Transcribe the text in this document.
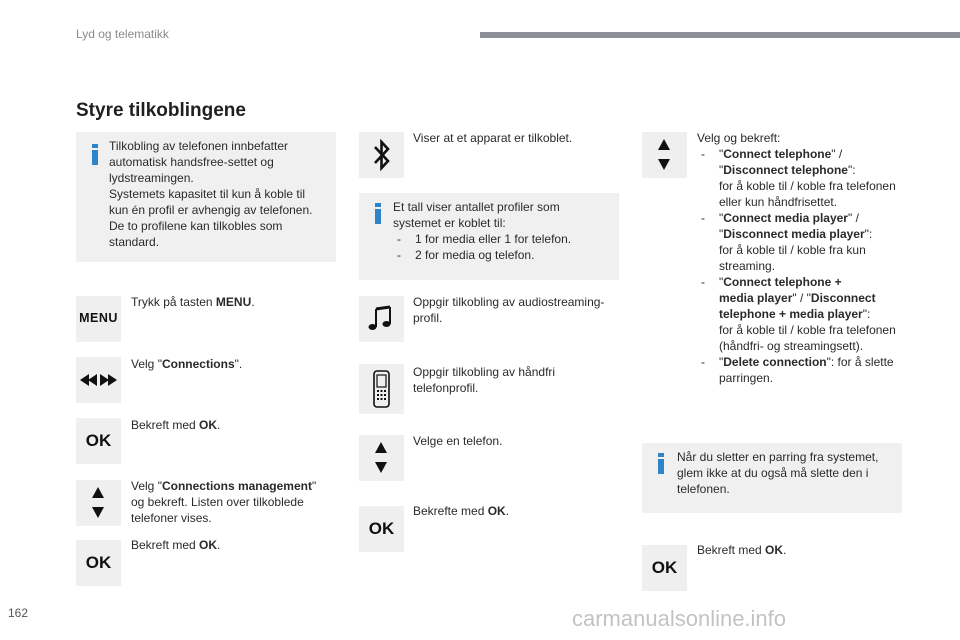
Lyd og telematikk
Styre tilkoblingene
Tilkobling av telefonen innbefatter
automatisk handsfree-settet og
lydstreamingen.
Systemets kapasitet til kun å koble til
kun én profil er avhengig av telefonen.
De to profilene kan tilkobles som
standard.
MENU
Trykk på tasten MENU.
Velg "Connections".
OK
Bekreft med OK.
Velg "Connections management"
og bekreft. Listen over tilkoblede
telefoner vises.
OK
Bekreft med OK.
Viser at et apparat er tilkoblet.
Et tall viser antallet profiler som
systemet er koblet til:
- 1 for media eller 1 for telefon.
- 2 for media og telefon.
Oppgir tilkobling av audiostreaming-
profil.
Oppgir tilkobling av håndfri
telefonprofil.
Velge en telefon.
OK
Bekrefte med OK.
Velg og bekreft:
- "Connect telephone" /
"Disconnect telephone":
for å koble til / koble fra telefonen
eller kun håndfrisettet.
- "Connect media player" /
"Disconnect media player":
for å koble til / koble fra kun
streaming.
- "Connect telephone +
media player" / "Disconnect
telephone + media player":
for å koble til / koble fra telefonen
(håndfri- og streamingsett).
- "Delete connection": for å slette
parringen.
Når du sletter en parring fra systemet,
glem ikke at du også må slette den i
telefonen.
OK
Bekreft med OK.
162	carmanualsonline.info
